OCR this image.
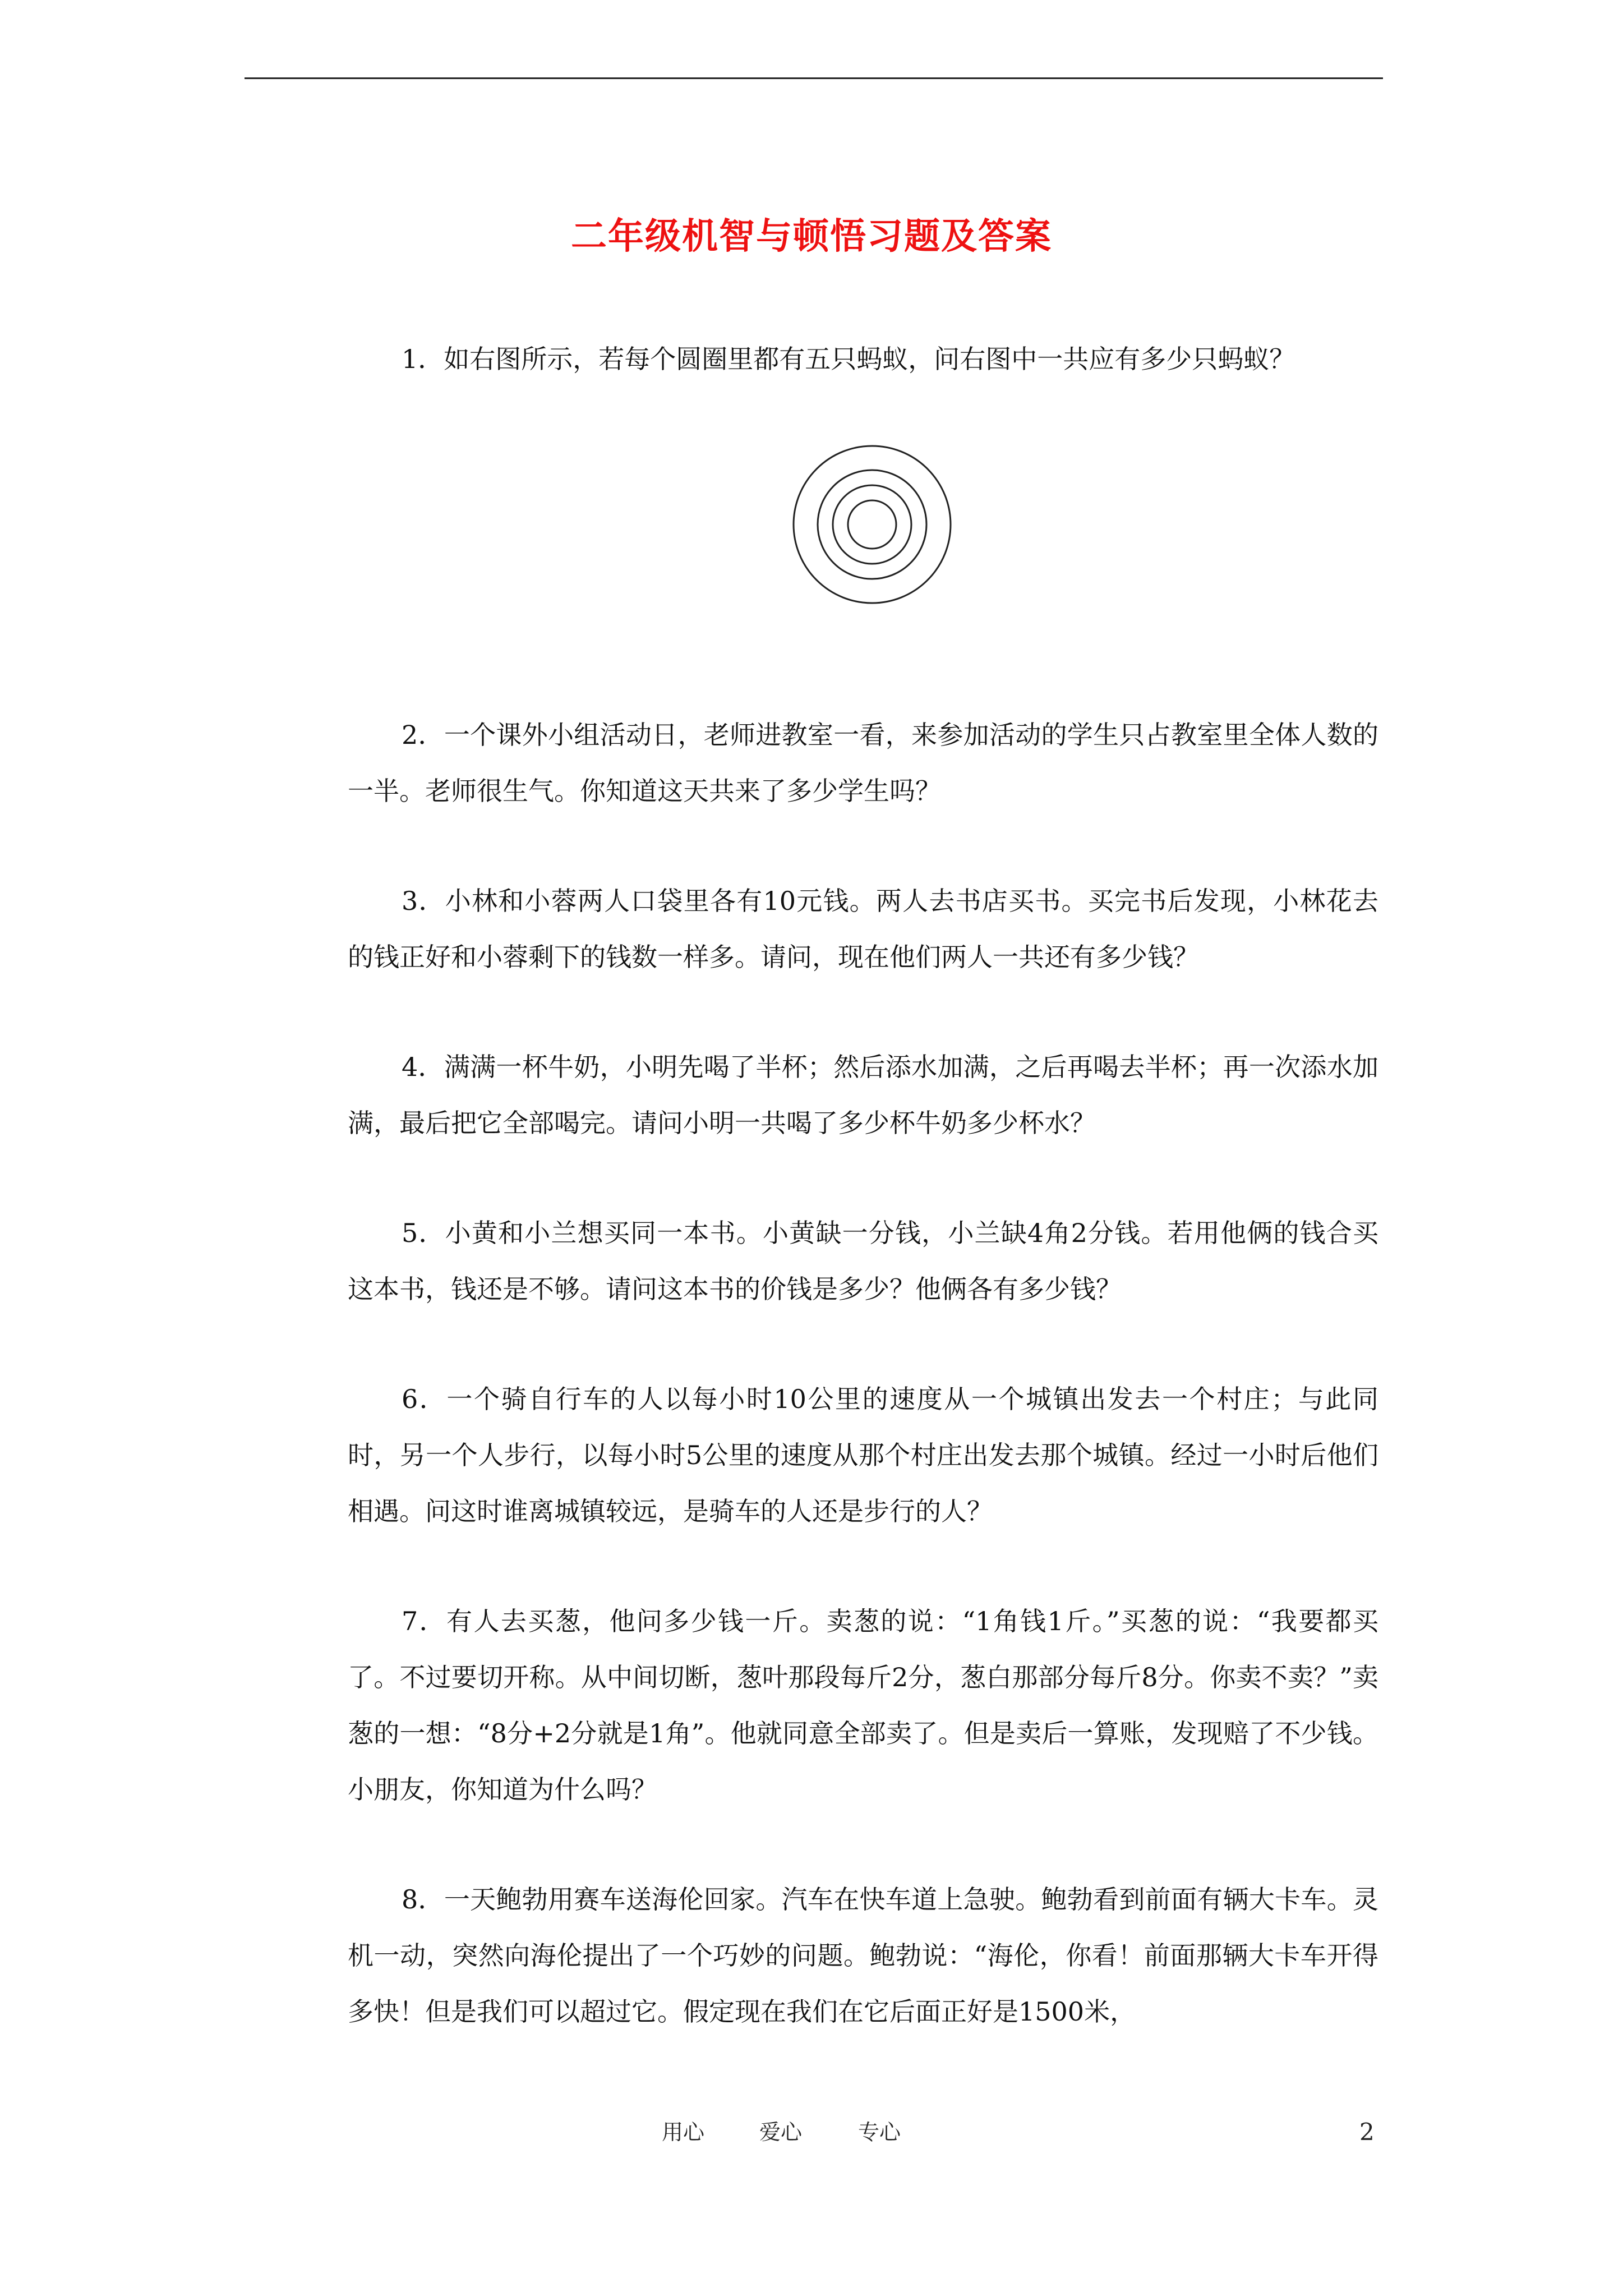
二年级机智与顿悟习题及答案

1．如右图所示，若每个圆圈里都有五只蚂蚁，问右图中一共应有多少只蚂蚁？

2．一个课外小组活动日，老师进教室一看，来参加活动的学生只占教室里全体人数的一半。老师很生气。你知道这天共来了多少学生吗？

3．小林和小蓉两人口袋里各有10元钱。两人去书店买书。买完书后发现，小林花去的钱正好和小蓉剩下的钱数一样多。请问，现在他们两人一共还有多少钱？

4．满满一杯牛奶，小明先喝了半杯；然后添水加满，之后再喝去半杯；再一次添水加满，最后把它全部喝完。请问小明一共喝了多少杯牛奶多少杯水？

5．小黄和小兰想买同一本书。小黄缺一分钱，小兰缺4角2分钱。若用他俩的钱合买这本书，钱还是不够。请问这本书的价钱是多少？他俩各有多少钱？

6．一个骑自行车的人以每小时10公里的速度从一个城镇出发去一个村庄；与此同时，另一个人步行，以每小时5公里的速度从那个村庄出发去那个城镇。经过一小时后他们相遇。问这时谁离城镇较远，是骑车的人还是步行的人？

7．有人去买葱，他问多少钱一斤。卖葱的说：“1角钱1斤。”买葱的说：“我要都买了。不过要切开称。从中间切断，葱叶那段每斤2分，葱白那部分每斤8分。你卖不卖？”卖葱的一想：“8分+2分就是1角”。他就同意全部卖了。但是卖后一算账，发现赔了不少钱。小朋友，你知道为什么吗？

8．一天鲍勃用赛车送海伦回家。汽车在快车道上急驶。鲍勃看到前面有辆大卡车。灵机一动，突然向海伦提出了一个巧妙的问题。鲍勃说：“海伦，你看！前面那辆大卡车开得多快！但是我们可以超过它。假定现在我们在它后面正好是1500米，

用心	爱心	专心	2
